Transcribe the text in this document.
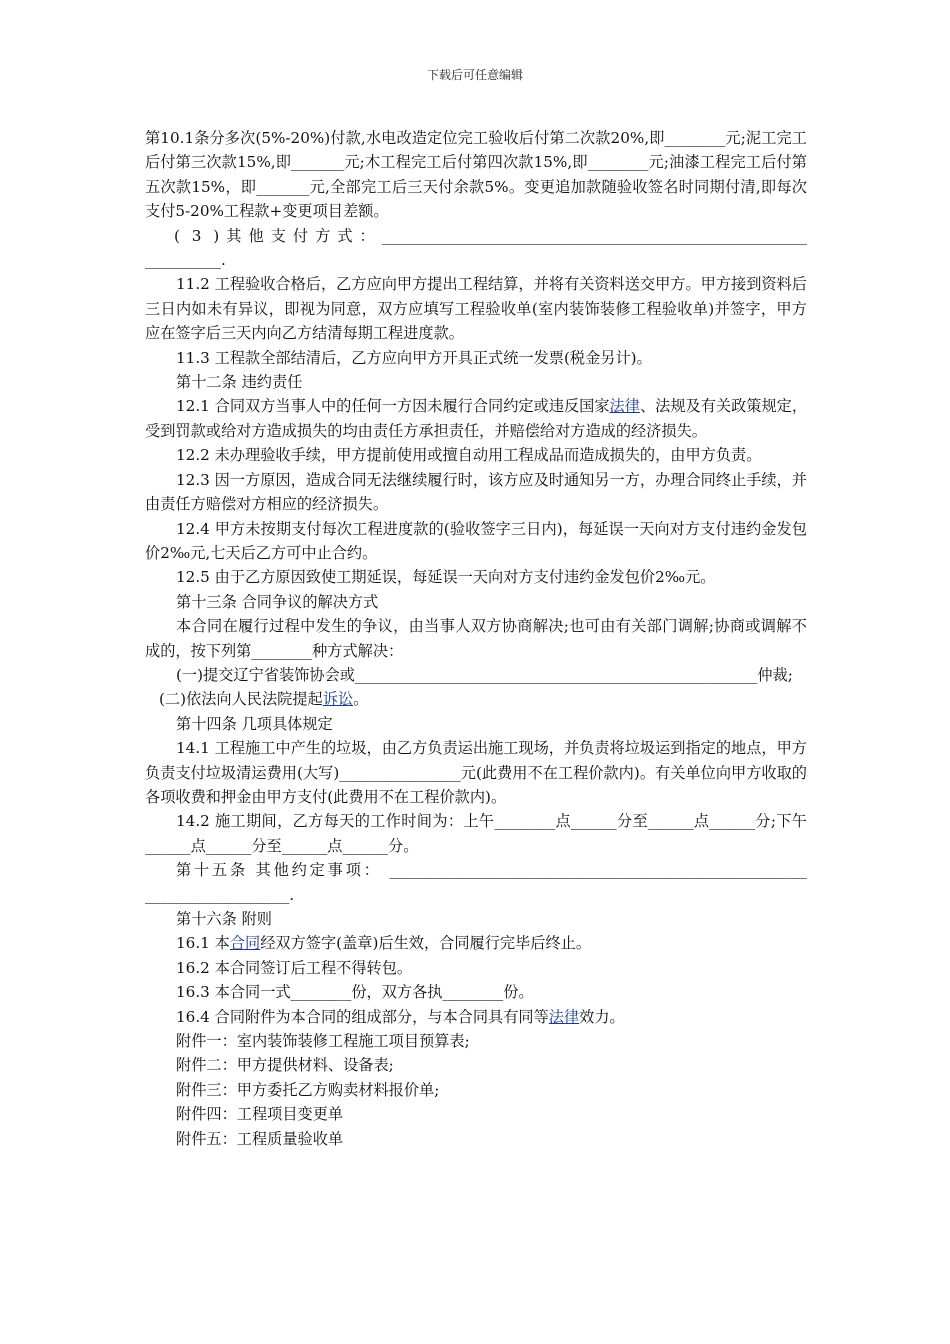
下载后可任意编辑

第10.1条分多次(5%-20%)付款,水电改造定位完工验收后付第二次款20%,即________元;泥工完工后付第三次款15%,即_______元;木工程完工后付第四次款15%,即________元;油漆工程完工后付第五次款15%，即_______元,全部完工后三天付余款5%。变更追加款随验收签名时同期付清,即每次支付5-20%工程款+变更项目差额。

( 3 )其他支付方式：________________________________________________________ __________.

11.2 工程验收合格后，乙方应向甲方提出工程结算，并将有关资料送交甲方。甲方接到资料后三日内如未有异议，即视为同意，双方应填写工程验收单(室内装饰装修工程验收单)并签字，甲方应在签字后三天内向乙方结清每期工程进度款。

11.3 工程款全部结清后，乙方应向甲方开具正式统一发票(税金另计)。

第十二条 违约责任

12.1 合同双方当事人中的任何一方因未履行合同约定或违反国家法律、法规及有关政策规定，受到罚款或给对方造成损失的均由责任方承担责任，并赔偿给对方造成的经济损失。

12.2 未办理验收手续，甲方提前使用或擅自动用工程成品而造成损失的，由甲方负责。

12.3 因一方原因，造成合同无法继续履行时，该方应及时通知另一方，办理合同终止手续，并由责任方赔偿对方相应的经济损失。

12.4 甲方未按期支付每次工程进度款的(验收签字三日内)，每延误一天向对方支付违约金发包价2‰元,七天后乙方可中止合约。

12.5 由于乙方原因致使工期延误，每延误一天向对方支付违约金发包价2‰元。

第十三条 合同争议的解决方式

本合同在履行过程中发生的争议，由当事人双方协商解决;也可由有关部门调解;协商或调解不成的，按下列第________种方式解决：

(一)提交辽宁省装饰协会或_____________________________________________________仲裁;

(二)依法向人民法院提起诉讼。

第十四条 几项具体规定

14.1 工程施工中产生的垃圾，由乙方负责运出施工现场，并负责将垃圾运到指定的地点，甲方负责支付垃圾清运费用(大写)________________元(此费用不在工程价款内)。有关单位向甲方收取的各项收费和押金由甲方支付(此费用不在工程价款内)。

14.2 施工期间，乙方每天的工作时间为：上午________点______分至______点______分;下午______点______分至______点______分。

第十五条 其他约定事项： _______________________________________________________ ___________________.

第十六条 附则

16.1 本合同经双方签字(盖章)后生效，合同履行完毕后终止。

16.2 本合同签订后工程不得转包。

16.3 本合同一式________份，双方各执________份。

16.4 合同附件为本合同的组成部分，与本合同具有同等法律效力。

附件一：室内装饰装修工程施工项目预算表;

附件二：甲方提供材料、设备表;

附件三：甲方委托乙方购卖材料报价单;

附件四：工程项目变更单

附件五：工程质量验收单
